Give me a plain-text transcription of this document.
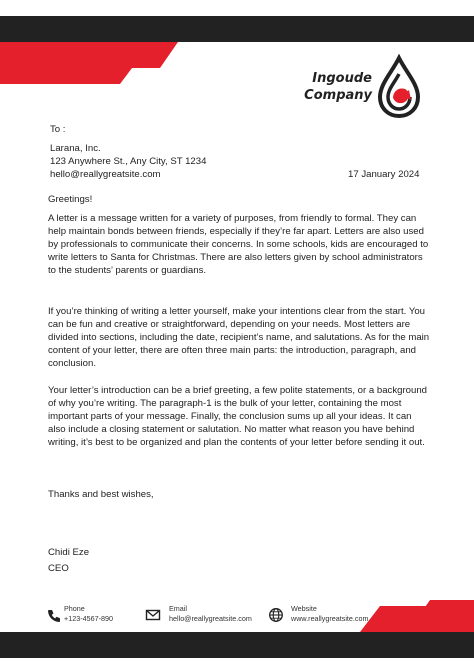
Ingoude
Company
To :
Larana, Inc.
123 Anywhere St., Any City, ST 1234
hello@reallygreatsite.com	17 January 2024
Greetings!

A letter is a message written for a variety of purposes, from friendly to formal. They can help maintain bonds between friends, especially if they’re far apart. Letters are also used by professionals to communicate their concerns. In some schools, kids are encouraged to write letters to Santa for Christmas. There are also letters given by school administrators to the students’ parents or guardians.

If you’re thinking of writing a letter yourself, make your intentions clear from the start. You can be fun and creative or straightforward, depending on your needs. Most letters are divided into sections, including the date, recipient’s name, and salutations. As for the main content of your letter, there are often three main parts: the introduction, paragraph, and conclusion.

Your letter’s introduction can be a brief greeting, a few polite statements, or a background of why you’re writing. The paragraph-1 is the bulk of your letter, containing the most important parts of your message. Finally, the conclusion sums up all your ideas. It can also include a closing statement or salutation. No matter what reason you have behind writing, it’s best to be organized and plan the contents of your letter before sending it out.

Thanks and best wishes,
Chidi Eze
CEO
Phone
+123-4567-890
Email
hello@reallygreatsite.com
Website
www.reallygreatsite.com
